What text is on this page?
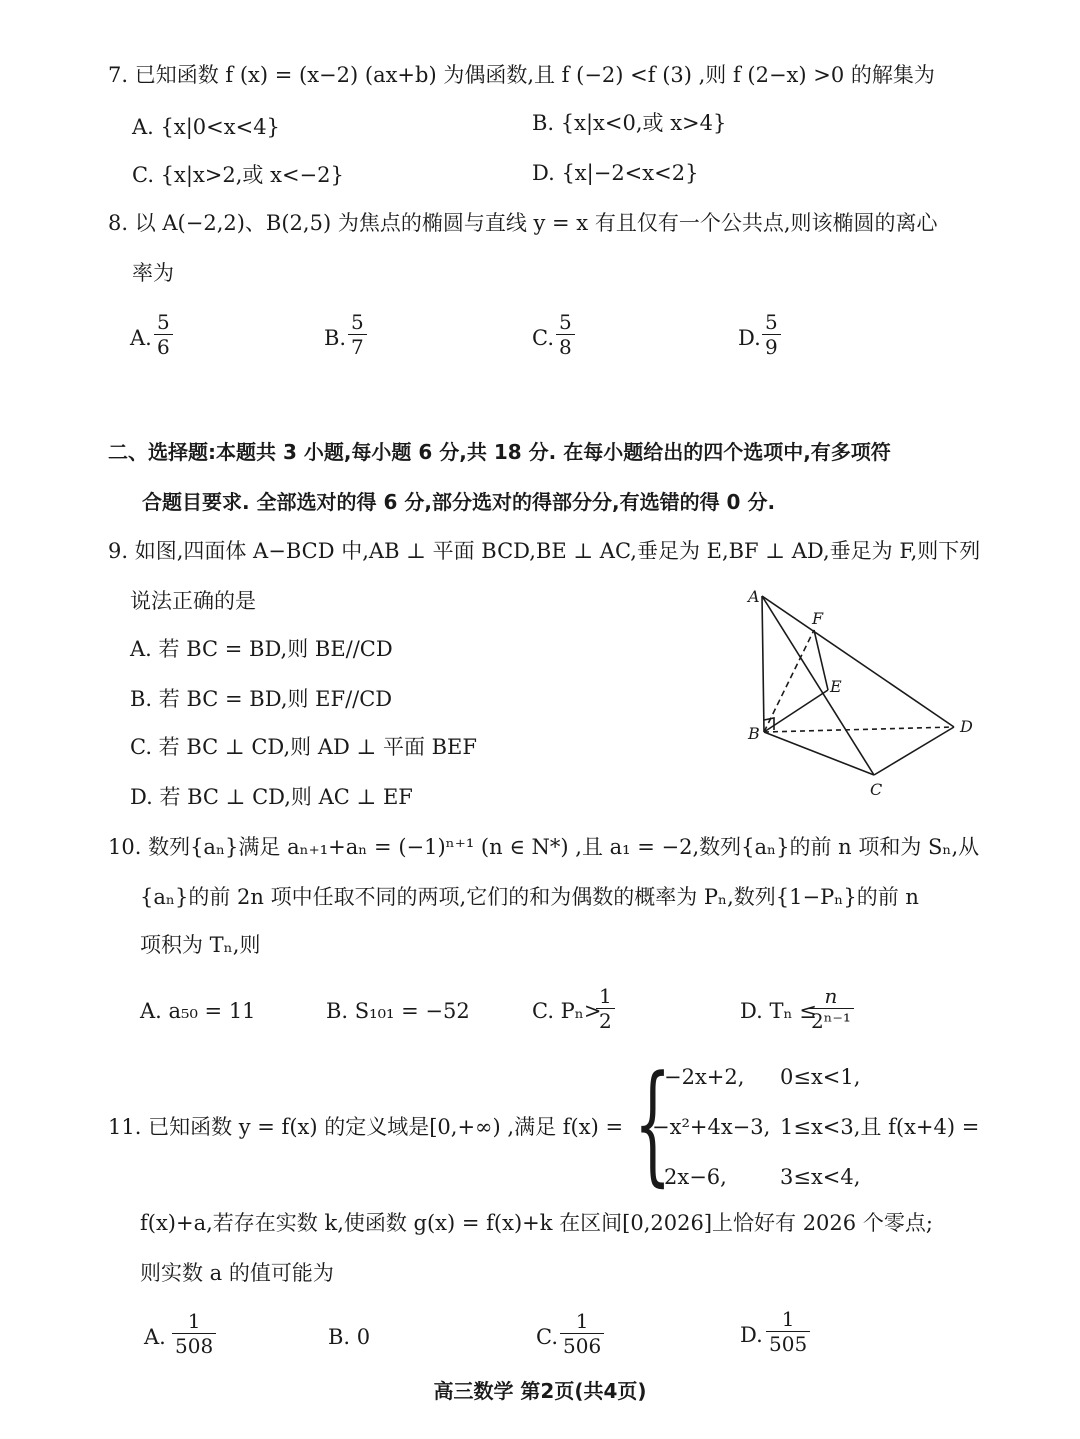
7. 已知函数 f (x) = (x−2) (ax+b) 为偶函数,且 f (−2) <f (3) ,则 f (2−x) >0 的解集为
A. {x|0<x<4}	B. {x|x<0,或 x>4}
C. {x|x>2,或 x<−2}	D. {x|−2<x<2}
8. 以 A(−2,2)、B(2,5) 为焦点的椭圆与直线 y = x 有且仅有一个公共点,则该椭圆的离心
率为
A.
5
6	B.
5
7	C.
5
8	D.
5
9
二、选择题:本题共 3 小题,每小题 6 分,共 18 分. 在每小题给出的四个选项中,有多项符
合题目要求. 全部选对的得 6 分,部分选对的得部分分,有选错的得 0 分.
9. 如图,四面体 A−BCD 中,AB ⊥ 平面 BCD,BE ⊥ AC,垂足为 E,BF ⊥ AD,垂足为 F,则下列
说法正确的是
A. 若 BC = BD,则 BE//CD
B. 若 BC = BD,则 EF//CD
C. 若 BC ⊥ CD,则 AD ⊥ 平面 BEF
D. 若 BC ⊥ CD,则 AC ⊥ EF
A
B
C
D
E
F
10. 数列{aₙ}满足 aₙ₊₁+aₙ = (−1)ⁿ⁺¹ (n ∈ N*) ,且 a₁ = −2,数列{aₙ}的前 n 项和为 Sₙ,从
{aₙ}的前 2n 项中任取不同的两项,它们的和为偶数的概率为 Pₙ,数列{1−Pₙ}的前 n
项积为 Tₙ,则
A. a₅₀ = 11	B. S₁₀₁ = −52	C. Pₙ>
1
2	D. Tₙ ≤
n
2ⁿ⁻¹
11. 已知函数 y = f(x) 的定义域是[0,+∞) ,满足 f(x) = {
−2x+2, 0≤x<1,
−x²+4x−3, 1≤x<3,且 f(x+4) =
2x−6,	3≤x<4,
f(x)+a,若存在实数 k,使函数 g(x) = f(x)+k 在区间[0,2026]上恰好有 2026 个零点;
则实数 a 的值可能为
A.
1
508	B. 0	C.
1
506	D.
1
505
高三数学 第2页(共4页)
